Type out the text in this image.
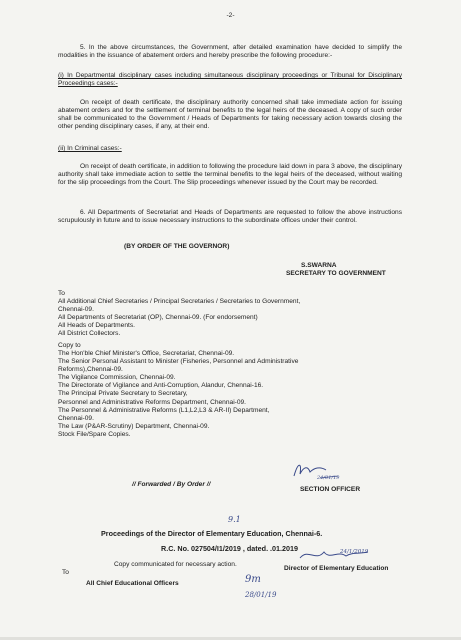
-2-
5. In the above circumstances, the Government, after detailed examination have decided to simplify the modalities in the issuance of abatement orders and hereby prescribe the following procedure:-
(i) In Departmental disciplinary cases including simultaneous disciplinary proceedings or Tribunal for Disciplinary Proceedings cases:-
On receipt of death certificate, the disciplinary authority concerned shall take immediate action for issuing abatement orders and for the settlement of terminal benefits to the legal heirs of the deceased. A copy of such order shall be communicated to the Government / Heads of Departments for taking necessary action towards closing the other pending disciplinary cases, if any, at their end.
(ii) In Criminal cases:-
On receipt of death certificate, in addition to following the procedure laid down in para 3 above, the disciplinary authority shall take immediate action to settle the terminal benefits to the legal heirs of the deceased, without waiting for the slip proceedings from the Court. The Slip proceedings whenever issued by the Court may be recorded.
6. All Departments of Secretariat and Heads of Departments are requested to follow the above instructions scrupulously in future and to issue necessary instructions to the subordinate offices under their control.
(BY ORDER OF THE GOVERNOR)
S.SWARNA
SECRETARY TO GOVERNMENT
To
All Additional Chief Secretaries / Principal Secretaries / Secretaries to Government,
Chennai-09.
All Departments of Secretariat (OP), Chennai-09. (For endorsement)
All Heads of Departments.
All District Collectors.
Copy to
The Hon'ble Chief Minister's Office, Secretariat, Chennai-09.
The Senior Personal Assistant to Minister (Fisheries, Personnel and Administrative
Reforms),Chennai-09.
The Vigilance Commission, Chennai-09.
The Directorate of Vigilance and Anti-Corruption, Alandur, Chennai-16.
The Principal Private Secretary to Secretary,
Personnel and Administrative Reforms Department, Chennai-09.
The Personnel & Administrative Reforms (L1,L2,L3 & AR-II) Department,
Chennai-09.
The Law (P&AR-Scrutiny) Department, Chennai-09.
Stock File/Spare Copies.
// Forwarded / By Order //
24/01/19
SECTION OFFICER
9.1
Proceedings of the Director of Elementary Education, Chennai-6.
R.C. No. 027504/I1/2019 , dated. .01.2019
Copy communicated for necessary action.
24/1/2019
Director of Elementary Education
To
All Chief Educational Officers	9m
28/01/19
